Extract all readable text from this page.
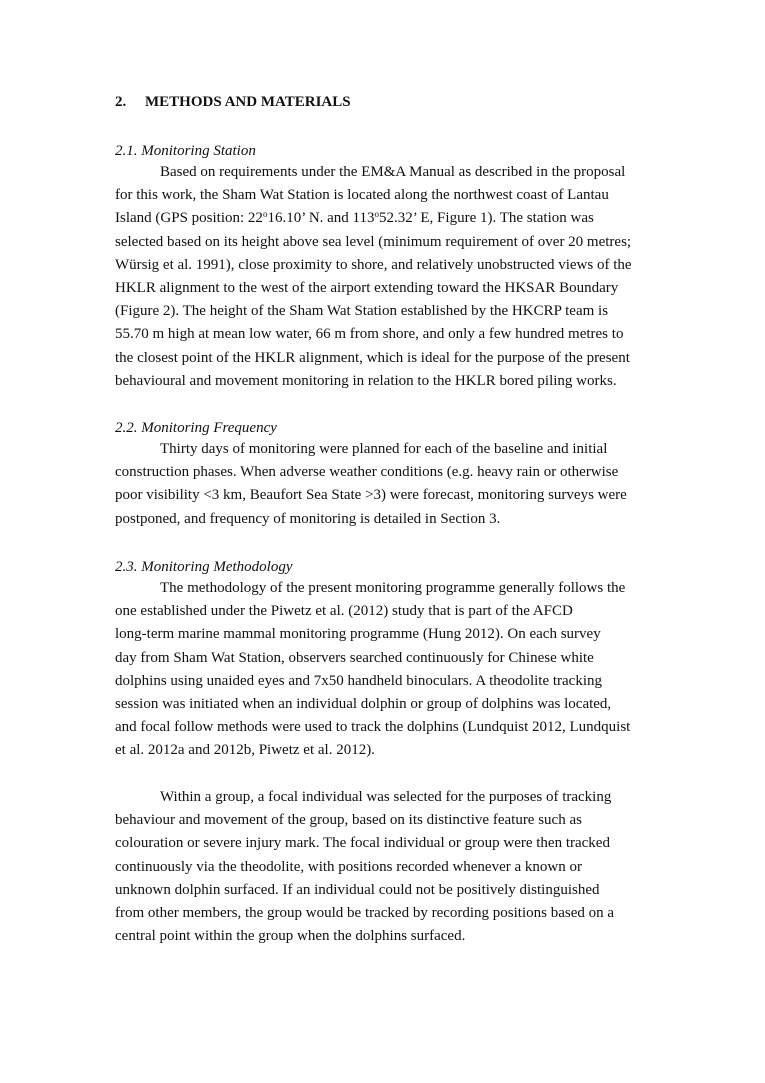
2. METHODS AND MATERIALS
2.1. Monitoring Station
Based on requirements under the EM&A Manual as described in the proposal
for this work, the Sham Wat Station is located along the northwest coast of Lantau
Island (GPS position: 22$^o$16.10’ N. and 113$^o$52.32’ E, Figure 1). The station was
selected based on its height above sea level (minimum requirement of over 20 metres;
Würsig et al. 1991), close proximity to shore, and relatively unobstructed views of the
HKLR alignment to the west of the airport extending toward the HKSAR Boundary
(Figure 2). The height of the Sham Wat Station established by the HKCRP team is
55.70 m high at mean low water, 66 m from shore, and only a few hundred metres to
the closest point of the HKLR alignment, which is ideal for the purpose of the present
behavioural and movement monitoring in relation to the HKLR bored piling works.
2.2. Monitoring Frequency
Thirty days of monitoring were planned for each of the baseline and initial
construction phases. When adverse weather conditions (e.g. heavy rain or otherwise
poor visibility <3 km, Beaufort Sea State >3) were forecast, monitoring surveys were
postponed, and frequency of monitoring is detailed in Section 3.
2.3. Monitoring Methodology
The methodology of the present monitoring programme generally follows the
one established under the Piwetz et al. (2012) study that is part of the AFCD
long-term marine mammal monitoring programme (Hung 2012). On each survey
day from Sham Wat Station, observers searched continuously for Chinese white
dolphins using unaided eyes and 7x50 handheld binoculars. A theodolite tracking
session was initiated when an individual dolphin or group of dolphins was located,
and focal follow methods were used to track the dolphins (Lundquist 2012, Lundquist
et al. 2012a and 2012b, Piwetz et al. 2012).
Within a group, a focal individual was selected for the purposes of tracking
behaviour and movement of the group, based on its distinctive feature such as
colouration or severe injury mark. The focal individual or group were then tracked
continuously via the theodolite, with positions recorded whenever a known or
unknown dolphin surfaced. If an individual could not be positively distinguished
from other members, the group would be tracked by recording positions based on a
central point within the group when the dolphins surfaced.
